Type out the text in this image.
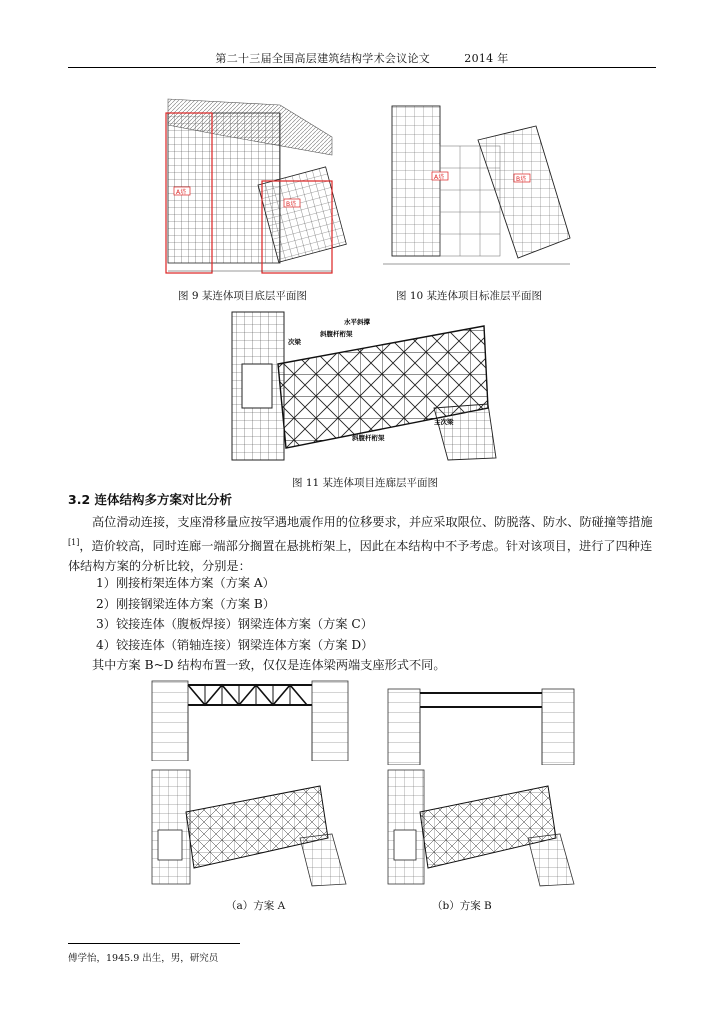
第二十三届全国高层建筑结构学术会议论文	2014 年
A塔
B塔
图 9 某连体项目底层平面图
A塔	B塔
图 10 某连体项目标准层平面图
水平斜撑
斜腹杆桁架
次梁
主次梁
斜腹杆桁架
图 11 某连体项目连廊层平面图
3.2 连体结构多方案对比分析
高位滑动连接，支座滑移量应按罕遇地震作用的位移要求，并应采取限位、防脱落、防水、防碰撞等措施[1]，造价较高，同时连廊一端部分搁置在悬挑桁架上，因此在本结构中不予考虑。针对该项目，进行了四种连体结构方案的分析比较，分别是：
1）刚接桁架连体方案（方案 A）
2）刚接钢梁连体方案（方案 B）
3）铰接连体（腹板焊接）钢梁连体方案（方案 C）
4）铰接连体（销轴连接）钢梁连体方案（方案 D）
其中方案 B~D 结构布置一致，仅仅是连体梁两端支座形式不同。
（a）方案 A	（b）方案 B
傅学怡，1945.9 出生，男，研究员
